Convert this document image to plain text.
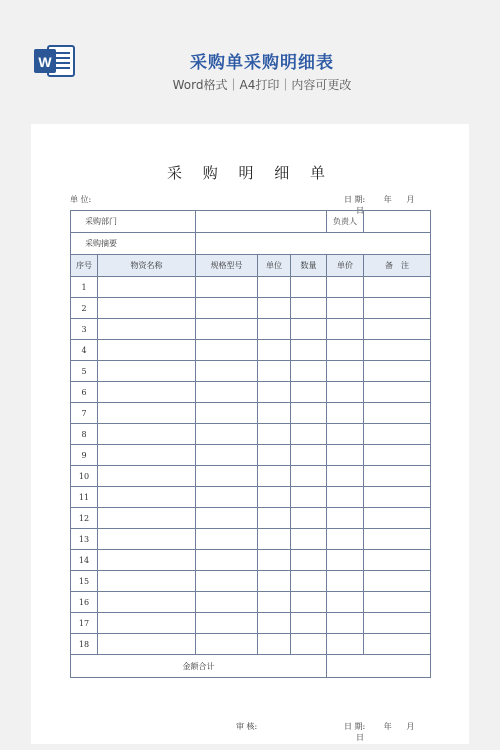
W	采购单采购明细表
Word格式｜A4打印｜内容可更改
采 购 明 细 单
单 位:	日 期: 年 月 日
采购部门					负责人	
采购摘要						
序号	物资名称	规格型号	单位	数量	单价	备　注
1						
2						
3						
4						
5						
6						
7						
8						
9						
10						
11						
12						
13						
14						
15						
16						
17						
18						
金额合计						
审 核:	日 期: 年 月 日
